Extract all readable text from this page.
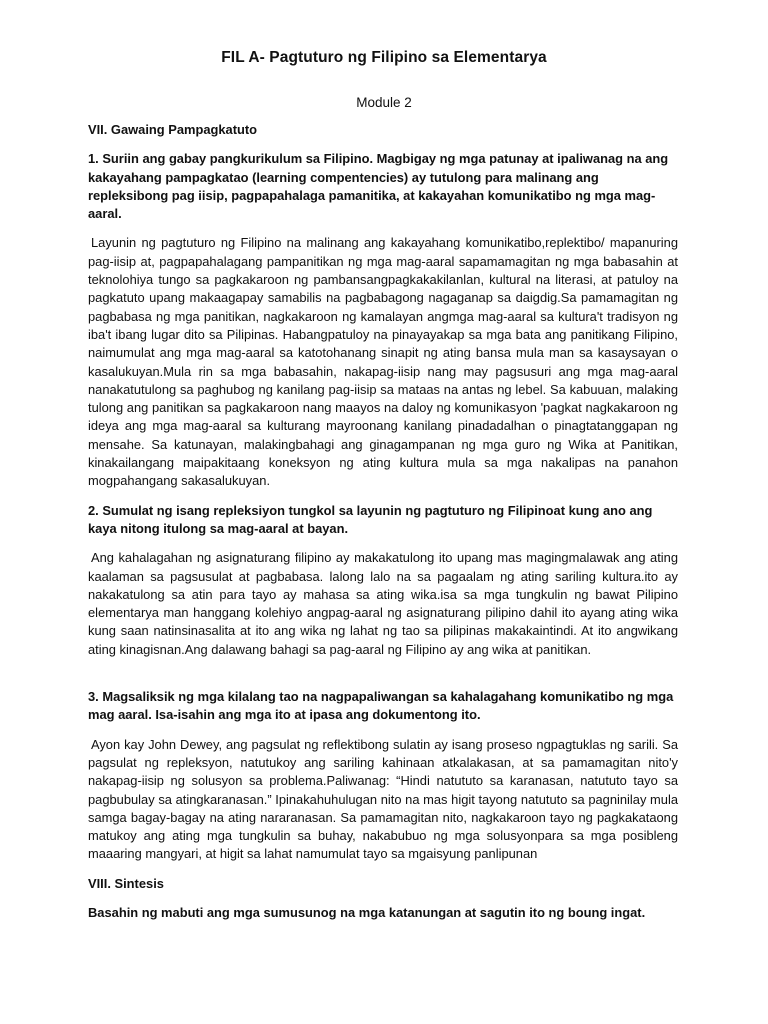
FIL A- Pagtuturo ng Filipino sa Elementarya
Module 2

VII. Gawaing Pampagkatuto

1. Suriin ang gabay pangkurikulum sa Filipino. Magbigay ng mga patunay at ipaliwanag na ang kakayahang pampagkatao (learning compentencies) ay tutulong para malinang ang repleksibong pag iisip, pagpapahalaga pamanitika, at kakayahan komunikatibo ng mga mag-aaral.

Layunin ng pagtuturo ng Filipino na malinang ang kakayahang komunikatibo,replektibo/ mapanuring pag-iisip at, pagpapahalagang pampanitikan ng mga mag-aaral sapamamagitan ng mga babasahin at teknolohiya tungo sa pagkakaroon ng pambansangpagkakakilanlan, kultural na literasi, at patuloy na pagkatuto upang makaagapay samabilis na pagbabagong nagaganap sa daigdig.Sa pamamagitan ng pagbabasa ng mga panitikan, nagkakaroon ng kamalayan angmga mag-aaral sa kultura't tradisyon ng iba't ibang lugar dito sa Pilipinas. Habangpatuloy na pinayayakap sa mga bata ang panitikang Filipino, naimumulat ang mga mag-aaral sa katotohanang sinapit ng ating bansa mula man sa kasaysayan o kasalukuyan.Mula rin sa mga babasahin, nakapag-iisip nang may pagsusuri ang mga mag-aaral nanakatutulong sa paghubog ng kanilang pag-iisip sa mataas na antas ng lebel. Sa kabuuan, malaking tulong ang panitikan sa pagkakaroon nang maayos na daloy ng komunikasyon 'pagkat nagkakaroon ng ideya ang mga mag-aaral sa kulturang mayroonang kanilang pinadadalhan o pinagtatanggapan ng mensahe. Sa katunayan, malakingbahagi ang ginagampanan ng mga guro ng Wika at Panitikan, kinakailangang maipakitaang koneksyon ng ating kultura mula sa mga nakalipas na panahon mogpahangang sakasalukuyan.

2. Sumulat ng isang repleksiyon tungkol sa layunin ng pagtuturo ng Filipinoat kung ano ang kaya nitong itulong sa mag-aaral at bayan.

Ang kahalagahan ng asignaturang filipino ay makakatulong ito upang mas magingmalawak ang ating kaalaman sa pagsusulat at pagbabasa. lalong lalo na sa pagaalam ng ating sariling kultura.ito ay nakakatulong sa atin para tayo ay mahasa sa ating wika.isa sa mga tungkulin ng bawat Pilipino elementarya man hanggang kolehiyo angpag-aaral ng asignaturang pilipino dahil ito ayang ating wika kung saan natinsinasalita at ito ang wika ng lahat ng tao sa pilipinas makakaintindi. At ito angwikang ating kinagisnan.Ang dalawang bahagi sa pag-aaral ng Filipino ay ang wika at panitikan.

3. Magsaliksik ng mga kilalang tao na nagpapaliwangan sa kahalagahang komunikatibo ng mga mag aaral. Isa-isahin ang mga ito at ipasa ang dokumentong ito.

Ayon kay John Dewey, ang pagsulat ng reflektibong sulatin ay isang proseso ngpagtuklas ng sarili. Sa pagsulat ng repleksyon, natutukoy ang sariling kahinaan atkalakasan, at sa pamamagitan nito'y nakapag-iisip ng solusyon sa problema.Paliwanag: “Hindi natututo sa karanasan, natututo tayo sa pagbubulay sa atingkaranasan.” Ipinakahuhulugan nito na mas higit tayong natututo sa pagninilay mula samga bagay-bagay na ating nararanasan. Sa pamamagitan nito, nagkakaroon tayo ng pagkakataong matukoy ang ating mga tungkulin sa buhay, nakabubuo ng mga solusyonpara sa mga posibleng maaaring mangyari, at higit sa lahat namumulat tayo sa mgaisyung panlipunan

VIII. Sintesis

Basahin ng mabuti ang mga sumusunog na mga katanungan at sagutin ito ng boung ingat.
